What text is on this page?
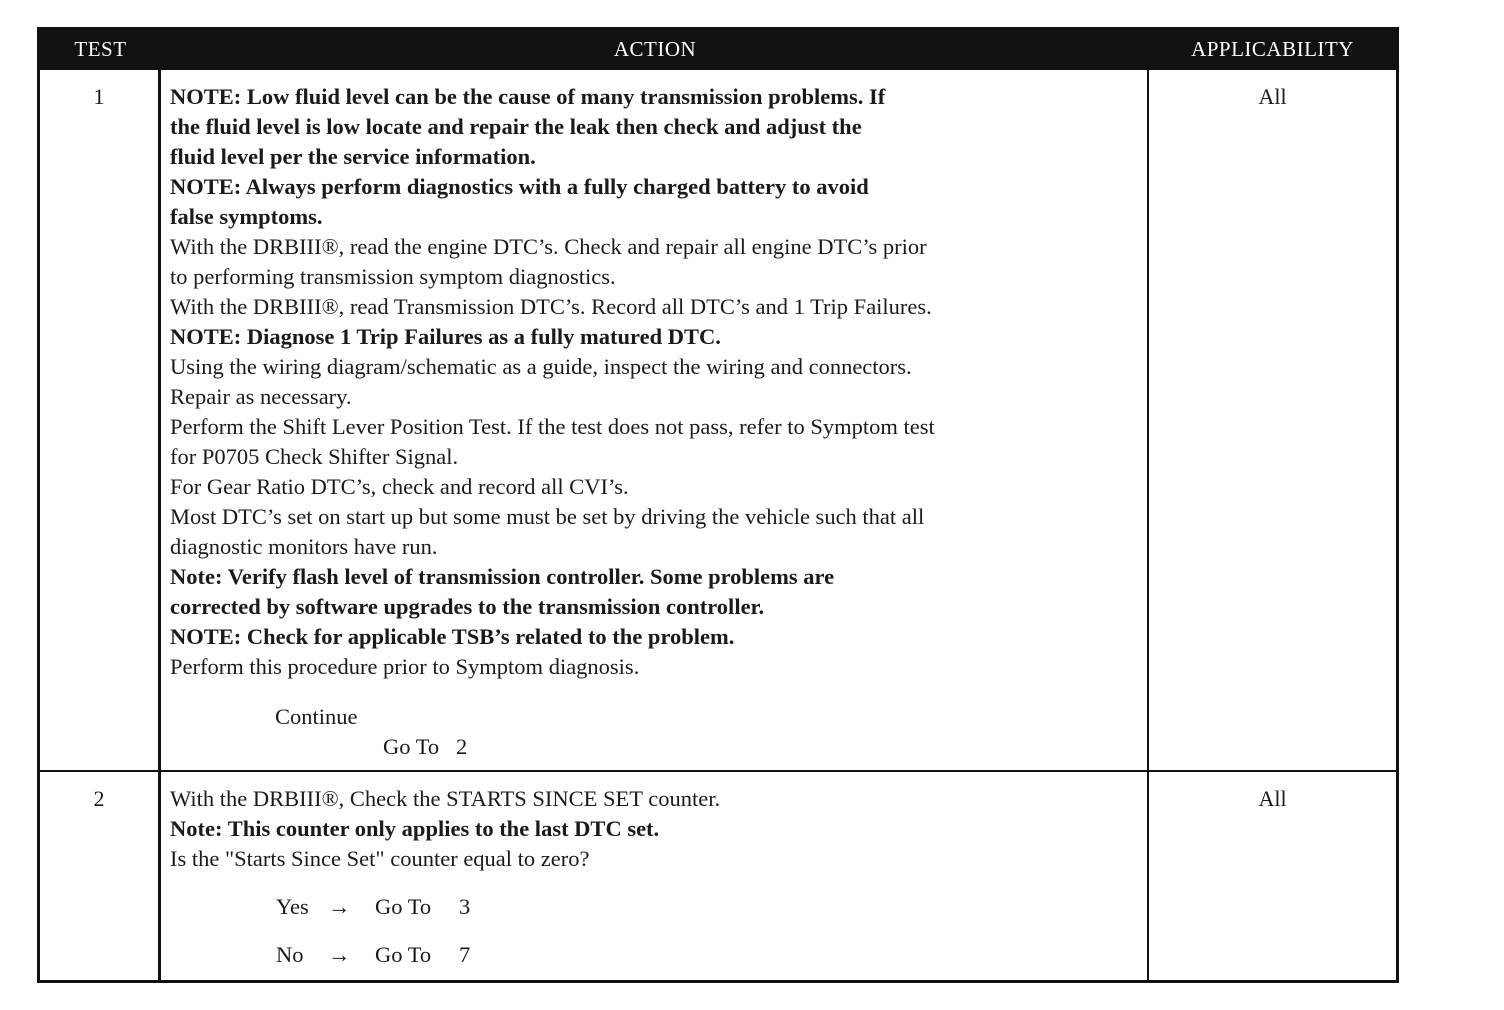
TEST	ACTION	APPLICABILITY
1	NOTE: Low fluid level can be the cause of many transmission problems. If
the fluid level is low locate and repair the leak then check and adjust the
fluid level per the service information.
NOTE: Always perform diagnostics with a fully charged battery to avoid
false symptoms.
With the DRBIII®, read the engine DTC’s. Check and repair all engine DTC’s prior
to performing transmission symptom diagnostics.
With the DRBIII®, read Transmission DTC’s. Record all DTC’s and 1 Trip Failures.
NOTE: Diagnose 1 Trip Failures as a fully matured DTC.
Using the wiring diagram/schematic as a guide, inspect the wiring and connectors.
Repair as necessary.
Perform the Shift Lever Position Test. If the test does not pass, refer to Symptom test
for P0705 Check Shifter Signal.
For Gear Ratio DTC’s, check and record all CVI’s.
Most DTC’s set on start up but some must be set by driving the vehicle such that all
diagnostic monitors have run.
Note: Verify flash level of transmission controller. Some problems are
corrected by software upgrades to the transmission controller.
NOTE: Check for applicable TSB’s related to the problem.
Perform this procedure prior to Symptom diagnosis.
Continue
Go To   2
All
2	With the DRBIII®, Check the STARTS SINCE SET counter.
Note: This counter only applies to the last DTC set.
Is the "Starts Since Set" counter equal to zero?
Yes →	Go To	3
No	→	Go To	7
All
